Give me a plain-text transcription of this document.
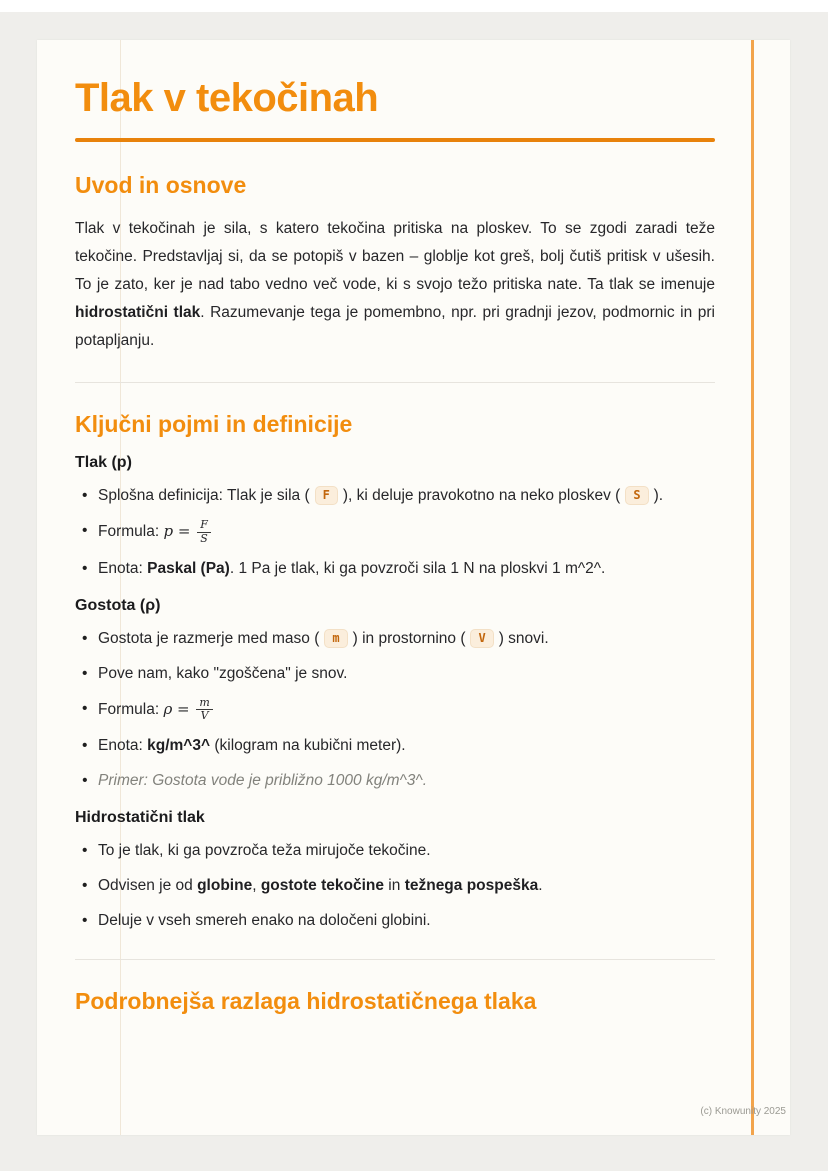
Tlak v tekočinah
Uvod in osnove

Tlak v tekočinah je sila, s katero tekočina pritiska na ploskev. To se zgodi zaradi teže tekočine. Predstavljaj si, da se potopiš v bazen – globlje kot greš, bolj čutiš pritisk v ušesih. To je zato, ker je nad tabo vedno več vode, ki s svojo težo pritiska nate. Ta tlak se imenuje hidrostatični tlak. Razumevanje tega je pomembno, npr. pri gradnji jezov, podmornic in pri potapljanju.

Ključni pojmi in definicije
Tlak (p)
• Splošna definicija: Tlak je sila ( F ), ki deluje pravokotno na neko ploskev ( S ).
• Formula: $p = \frac{F}{S}$
• Enota: Paskal (Pa). 1 Pa je tlak, ki ga povzroči sila 1 N na ploskvi 1 m^2^.
Gostota (ρ)
• Gostota je razmerje med maso ( m ) in prostornino ( V ) snovi.
• Pove nam, kako "zgoščena" je snov.
• Formula: $\rho = \frac{m}{V}$
• Enota: kg/m^3^ (kilogram na kubični meter).
• Primer: Gostota vode je približno 1000 kg/m^3^.
Hidrostatični tlak
• To je tlak, ki ga povzroča teža mirujoče tekočine.
• Odvisen je od globine, gostote tekočine in težnega pospeška.
• Deluje v vseh smereh enako na določeni globini.
Podrobnejša razlaga hidrostatičnega tlaka
(c) Knowunity 2025
